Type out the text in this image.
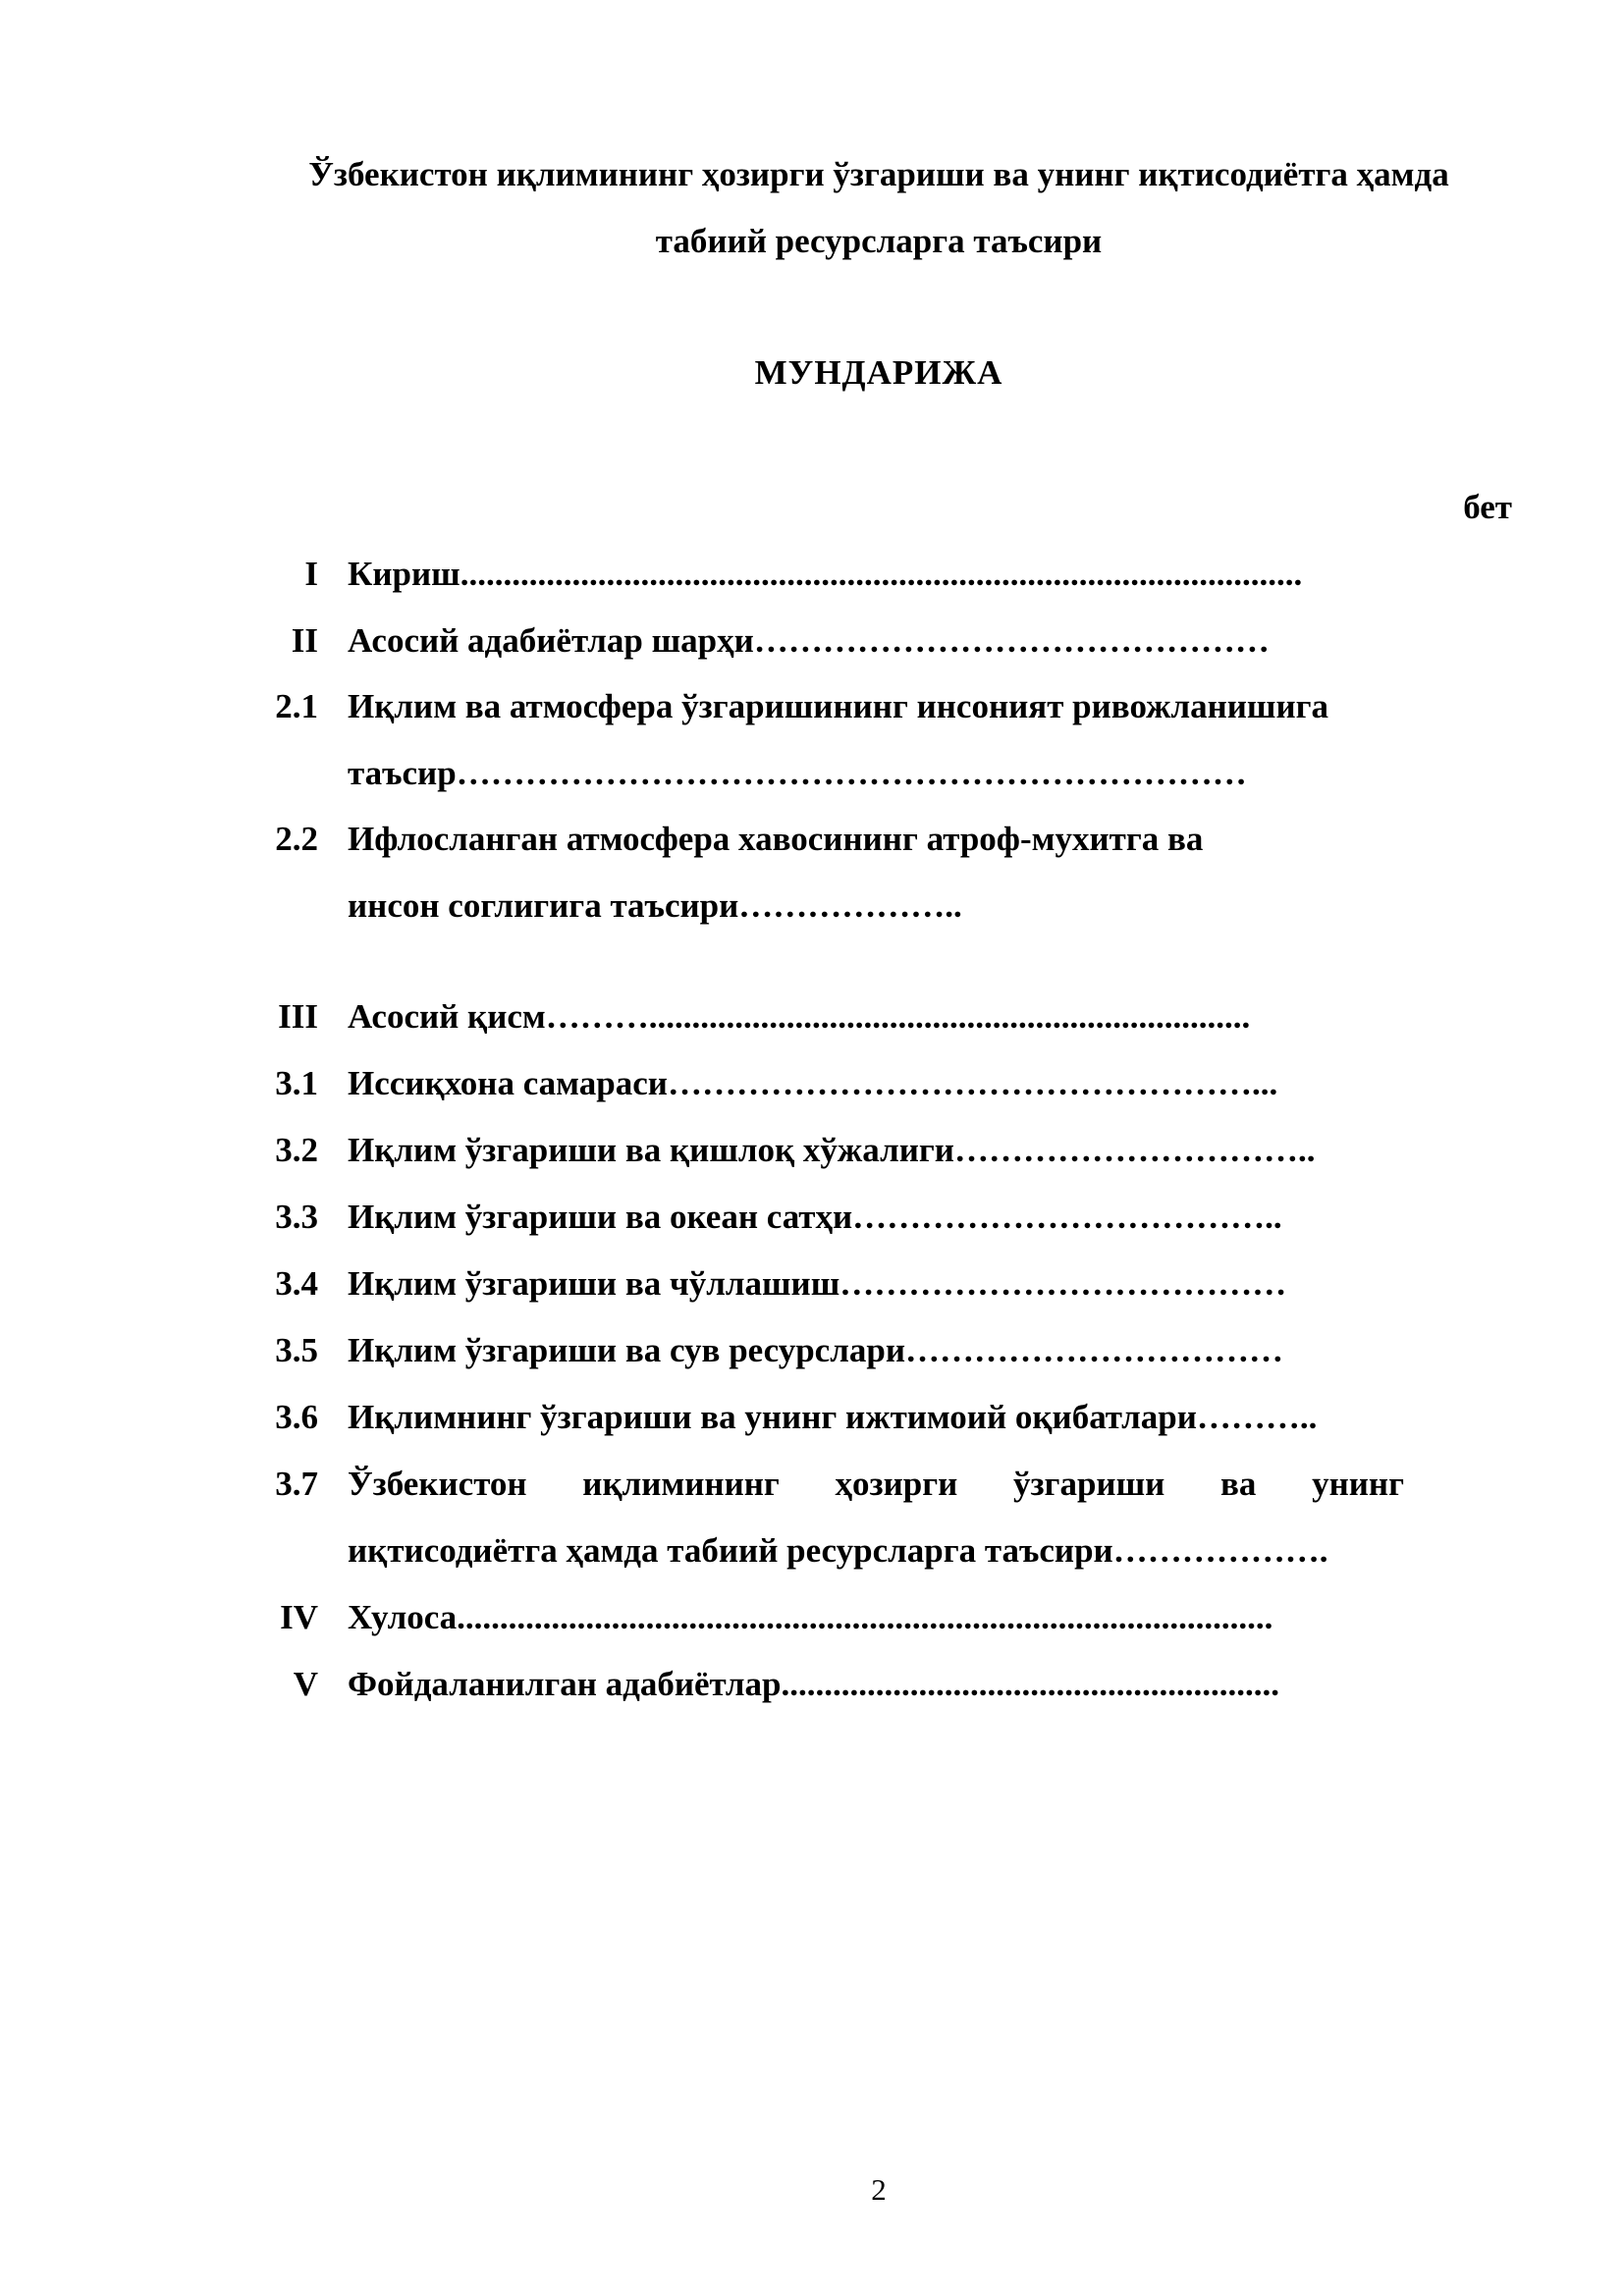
Ўзбекистон иқлимининг ҳозирги ўзгариши ва унинг иқтисодиётга ҳамда
табиий ресурсларга таъсири
МУНДАРИЖА
бет
I Кириш..................................................................................................
II Асосий адабиётлар шарҳи………………………………………
2.1 Иқлим ва атмосфера ўзгаришининг инсоният ривожланишига
таъсир……………………………………………………………
2.2 Ифлосланган атмосфера хавосининг атроф-мухитга ва
инсон соглигига таъсири………………..
III Асосий қисм………......................................................................
3.1 Иссиқхона самараси……………………………………………...
3.2 Иқлим ўзгариши ва қишлоқ хўжалиги…………………………..
3.3 Иқлим ўзгариши ва океан сатҳи………………………………..
3.4 Иқлим ўзгариши ва чўллашиш…………………………………
3.5 Иқлим ўзгариши ва сув ресурслари……………………………
3.6 Иқлимнинг ўзгариши ва унинг ижтимоий оқибатлари………..
3.7 Ўзбекистон иқлимининг ҳозирги ўзгариши ва унинг
иқтисодиётга ҳамда табиий ресурсларга таъсири……………….
IV Хулоса...............................................................................................
V Фойдаланилган адабиётлар..........................................................
2
